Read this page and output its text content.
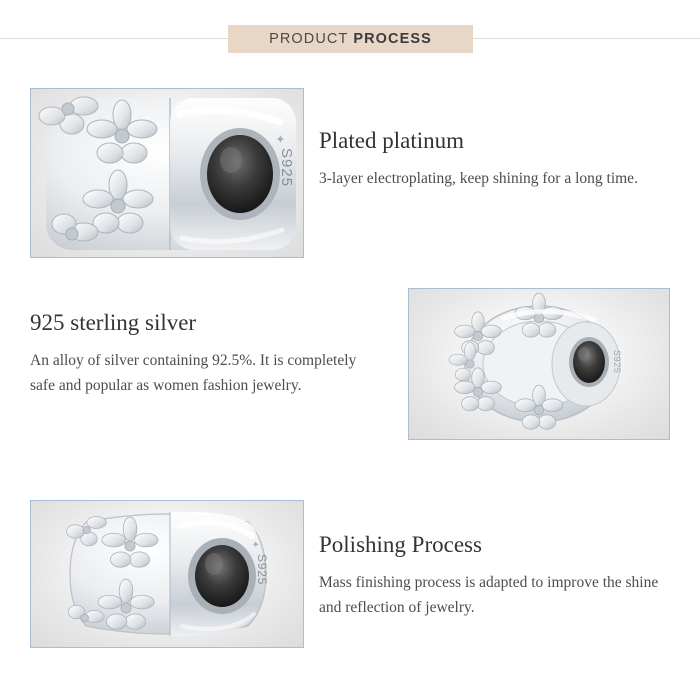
PRODUCT PROCESS
S925
✦ Plated platinum
3-layer electroplating, keep shining for a long time.
S925
925 sterling silver
An alloy of silver containing 92.5%. It is completely safe and popular as women fashion jewelry.
S925
✦	Polishing Process
Mass finishing process is adapted to improve the shine and reflection of jewelry.
